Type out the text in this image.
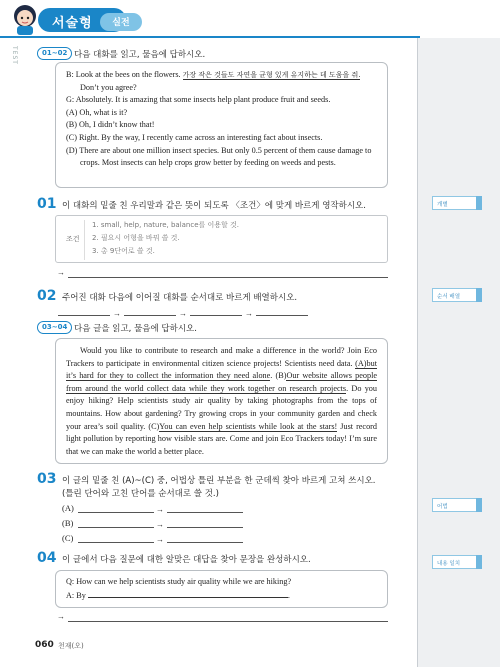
서술형	실전
TEST
개별
순서 배열
어법
내용 일치
01~02 다음 대화를 읽고, 물음에 답하시오.

B: Look at the bees on the flowers. 가장 작은 것들도 자연을 균형 있게 유지하는 데 도움을 줘.

Don’t you agree?

G: Absolutely. It is amazing that some insects help plant produce fruit and seeds.

(A) Oh, what is it?

(B) Oh, I didn’t know that!

(C) Right. By the way, I recently came across an interesting fact about insects.

(D) There are about one million insect species. But only 0.5 percent of them cause damage to crops. Most insects can help crops grow better by feeding on weeds and pests.

01 이 대화의 밑줄 친 우리말과 같은 뜻이 되도록 〈조건〉에 맞게 바르게 영작하시오.
조건
1. small, help, nature, balance를 이용할 것.
2. 필요시 어형을 바꿔 쓸 것.
3. 총 9단어로 쓸 것.
→
02 주어진 대화 다음에 이어질 대화를 순서대로 바르게 배열하시오.
→	→	→
03~04 다음 글을 읽고, 물음에 답하시오.

Would you like to contribute to research and make a difference in the world? Join Eco Trackers to participate in environmental citizen science projects! Scientists need data. (A)but it’s hard for they to collect the information they need alone. (B)Our website allows people from around the world collect data while they work together on research projects. Do you enjoy hiking? Help scientists study air quality by taking photographs from the tops of mountains. How about gardening? Try growing crops in your community garden and check your area’s soil quality. (C)You can even help scientists while look at the stars! Just record light pollution by reporting how visible stars are. Come and join Eco Trackers today! I’m sure that we can make the world a better place.

03 이 글의 밑줄 친 (A)~(C) 중, 어법상 틀린 부분을 한 군데씩 찾아 바르게 고쳐 쓰시오.
(틀린 단어와 고친 단어를 순서대로 쓸 것.)
(A)	→
(B)	→
(C)	→
04 이 글에서 다음 질문에 대한 알맞은 대답을 찾아 문장을 완성하시오.

Q: How can we help scientists study air quality while we are hiking?

A: By	.

→
060 천재(오)
